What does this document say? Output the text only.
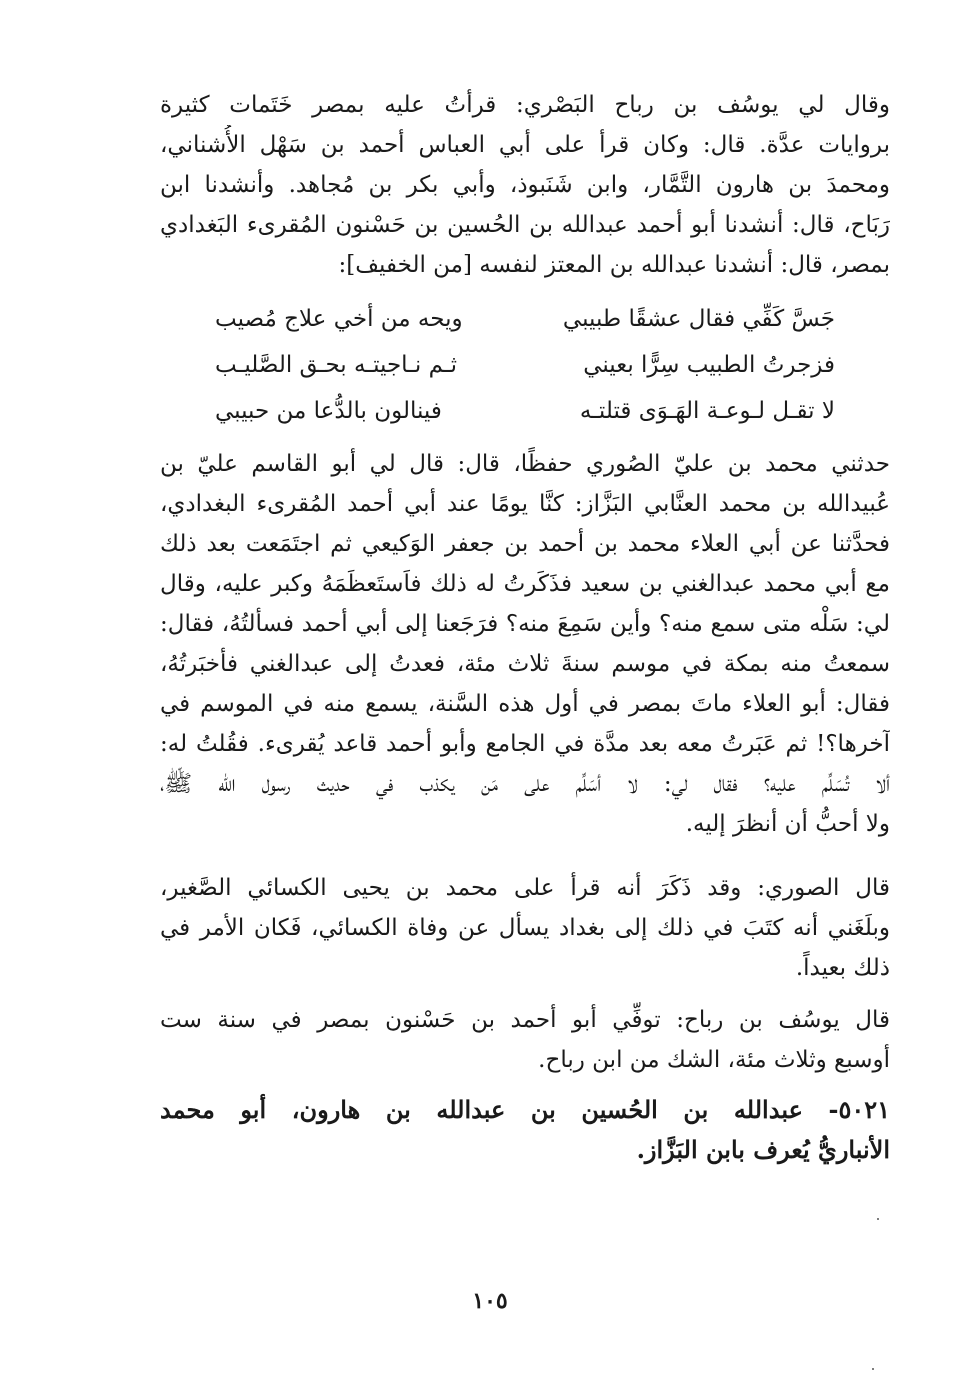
وقال لي يوسُف بن رباح البَصْري: قرأتُ عليه بمصر خَتَمات كثيرة
بروايات عدَّة. قال: وكان قرأ على أبي العباس أحمد بن سَهْل الأُشناني،
ومحمدَ بن هارون التَّمَّار، وابن شَنَبوذ، وأبي بكر بن مُجاهد. وأنشدنا ابن
رَبَاح، قال: أنشدنا أبو أحمد عبدالله بن الحُسين بن حَسْنون المُقرىء البَغدادي
بمصر، قال: أنشدنا عبدالله بن المعتز لنفسه [من الخفيف]:
جَسَّ كَفِّي فقال عشقًا طبيبي
ويحه من أخي علاج مُصيب
فزجرتُ الطبيب سِرًّا بعيني
ثـم نـاجيتـه بحـق الصَّليـب
لا تقـل لـوعـة الهَـوَى قتلتـه
فينالون بالدُّعا من حبيبي
حدثني محمد بن عليّ الصُوري حفظًا، قال: قال لي أبو القاسم عليّ بن
عُبيدالله بن محمد العنَّابي البَزَّاز: كنَّا يومًا عند أبي أحمد المُقرىء البغدادي،
فحدَّثنا عن أبي العلاء محمد بن أحمد بن جعفر الوَكيعي ثم اجتَمَعت بعد ذلك
مع أبي محمد عبدالغني بن سعيد فذَكَرتُ له ذلك فاَستَعظَمَهُ وكبر عليه، وقال
لي: سَلْه متى سمع منه؟ وأين سَمِعَ منه؟ فرَجَعنا إلى أبي أحمد فسألتُهُ، فقال:
سمعتُ منه بمكة في موسم سنةَ ثلاث مئة، فعدتُ إلى عبدالغني فأخبَرتُهُ،
فقال: أبو العلاء ماتَ بمصر في أول هذه السَّنة، يسمع منه في الموسم في
آخرها؟! ثم عَبَرتُ معه بعد مدَّة في الجامع وأبو أحمد قاعد يُقرىء. فقُلتُ له:
ألا تُسَلِّم عليه؟ فقال لي: لا أسَلِّم على مَن يكذب في حديث رسول الله ﷺ،
ولا أحبُّ أن أنظرَ إليه.
قال الصوري: وقد ذَكَرَ أنه قرأ على محمد بن يحيى الكسائي الصَّغير،
وبلَغَني أنه كتَبَ في ذلك إلى بغداد يسأل عن وفاة الكسائي، فَكان الأمر في
ذلك بعيداً.
قال يوسُف بن رباح: توفِّي أبو أحمد بن حَسْنون بمصر في سنة ست
أوسبع وثلاث مئة، الشك من ابن رباح.
٥٠٢١- عبدالله بن الحُسين بن عبدالله بن هارون، أبو محمد
الأنباريُّ يُعرف بابن البَزَّاز.
١٠٥
